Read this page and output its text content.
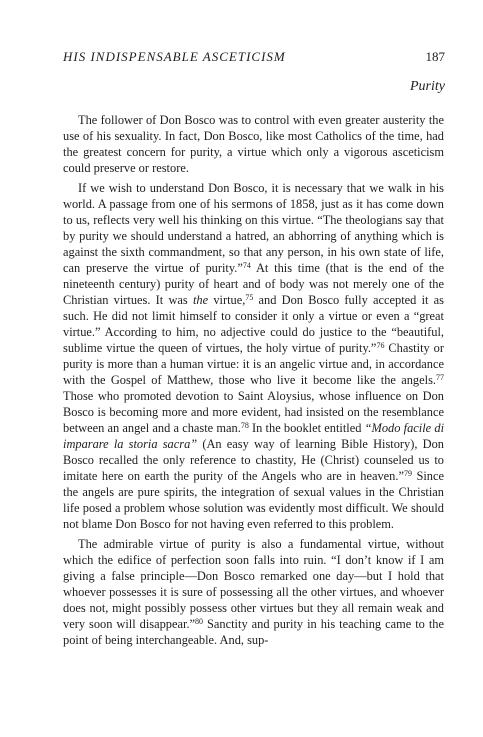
HIS INDISPENSABLE ASCETICISM	187
Purity

The follower of Don Bosco was to control with even greater austerity the use of his sexuality. In fact, Don Bosco, like most Catholics of the time, had the greatest concern for purity, a virtue which only a vigorous asceticism could preserve or restore.

If we wish to understand Don Bosco, it is necessary that we walk in his world. A passage from one of his sermons of 1858, just as it has come down to us, reflects very well his thinking on this virtue. “The theologians say that by purity we should understand a hatred, an abhorring of anything which is against the sixth commandment, so that any person, in his own state of life, can preserve the virtue of purity.”$^{74}$ At this time (that is the end of the nineteenth century) purity of heart and of body was not merely one of the Christian virtues. It was the virtue,$^{75}$ and Don Bosco fully accepted it as such. He did not limit himself to consider it only a virtue or even a “great virtue.” According to him, no adjective could do justice to the “beautiful, sublime virtue the queen of virtues, the holy virtue of purity.”$^{76}$ Chastity or purity is more than a human virtue: it is an angelic virtue and, in accordance with the Gospel of Matthew, those who live it become like the angels.$^{77}$ Those who promoted devotion to Saint Aloysius, whose influence on Don Bosco is becoming more and more evident, had insisted on the resemblance between an angel and a chaste man.$^{78}$ In the booklet entitled “Modo facile di imparare la storia sacra” (An easy way of learning Bible History), Don Bosco recalled the only reference to chastity, He (Christ) counseled us to imitate here on earth the purity of the Angels who are in heaven.”$^{79}$ Since the angels are pure spirits, the integration of sexual values in the Christian life posed a problem whose solution was evidently most difficult. We should not blame Don Bosco for not having even referred to this problem.

The admirable virtue of purity is also a fundamental virtue, without which the edifice of perfection soon falls into ruin. “I don’t know if I am giving a false principle—Don Bosco remarked one day—but I hold that whoever possesses it is sure of possessing all the other virtues, and whoever does not, might possibly possess other virtues but they all remain weak and very soon will disappear.”$^{80}$ Sanctity and purity in his teaching came to the point of being interchangeable. And, sup-
